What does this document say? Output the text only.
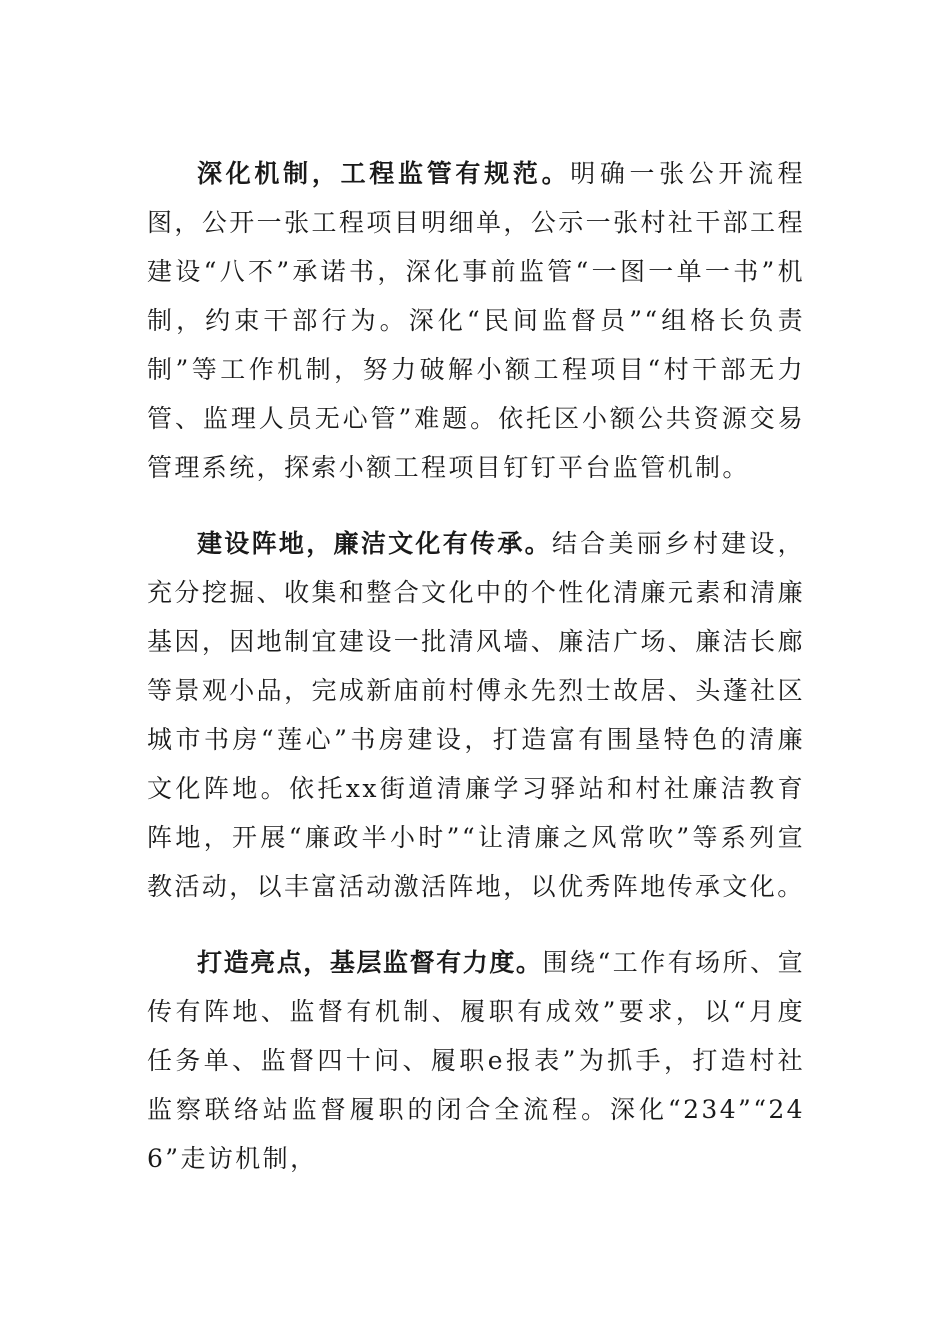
深化机制，工程监管有规范。明确一张公开流程图，公开一张工程项目明细单，公示一张村社干部工程建设“八不”承诺书，深化事前监管“一图一单一书”机制，约束干部行为。深化“民间监督员”“组格长负责制”等工作机制，努力破解小额工程项目“村干部无力管、监理人员无心管”难题。依托区小额公共资源交易管理系统，探索小额工程项目钉钉平台监管机制。

建设阵地，廉洁文化有传承。结合美丽乡村建设，充分挖掘、收集和整合文化中的个性化清廉元素和清廉基因，因地制宜建设一批清风墙、廉洁广场、廉洁长廊等景观小品，完成新庙前村傅永先烈士故居、头蓬社区城市书房“莲心”书房建设，打造富有围垦特色的清廉文化阵地。依托xx街道清廉学习驿站和村社廉洁教育阵地，开展“廉政半小时”“让清廉之风常吹”等系列宣教活动，以丰富活动激活阵地，以优秀阵地传承文化。

打造亮点，基层监督有力度。围绕“工作有场所、宣传有阵地、监督有机制、履职有成效”要求，以“月度任务单、监督四十问、履职e报表”为抓手，打造村社监察联络站监督履职的闭合全流程。深化“234”“246”走访机制，
